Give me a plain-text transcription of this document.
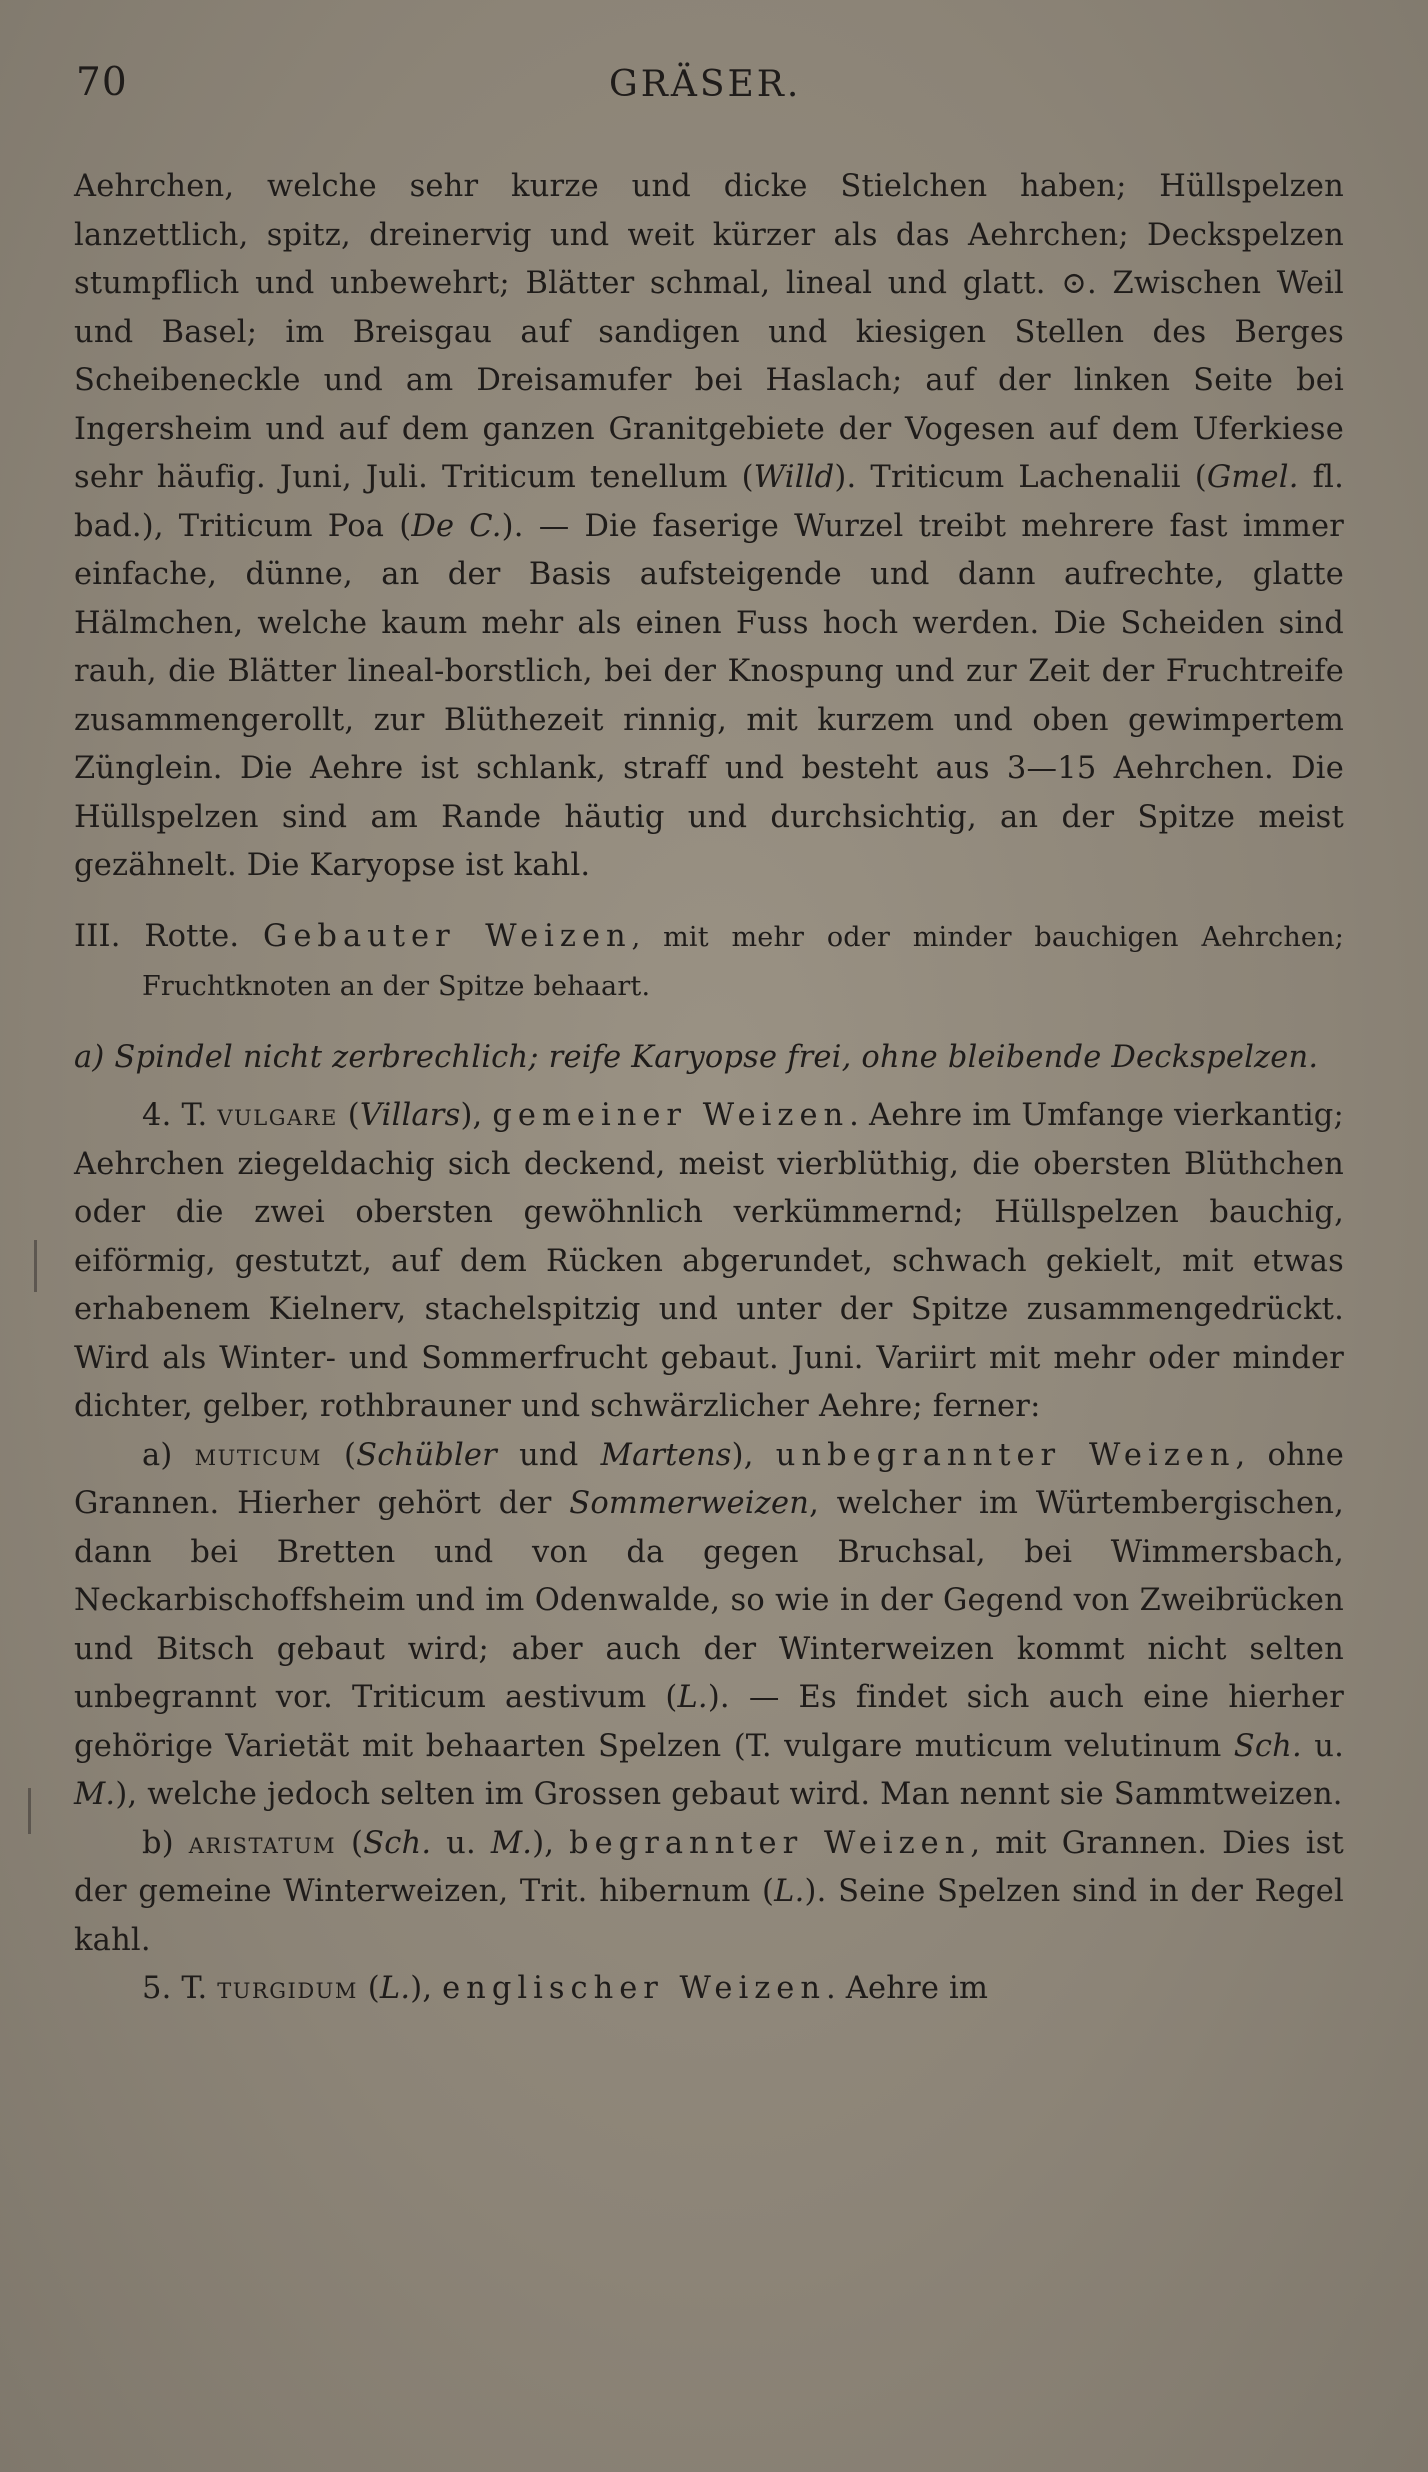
70	GRÄSER.

Aehrchen, welche sehr kurze und dicke Stielchen haben; Hüllspelzen lanzettlich, spitz, dreinervig und weit kürzer als das Aehrchen; Deckspelzen stumpflich und unbewehrt; Blätter schmal, lineal und glatt. ⊙. Zwischen Weil und Basel; im Breisgau auf sandigen und kiesigen Stellen des Berges Scheibeneckle und am Dreisamufer bei Haslach; auf der linken Seite bei Ingersheim und auf dem ganzen Granitgebiete der Vogesen auf dem Uferkiese sehr häufig. Juni, Juli. Triticum tenellum (Willd). Triticum Lachenalii (Gmel. fl. bad.), Triticum Poa (De C.). — Die faserige Wurzel treibt mehrere fast immer einfache, dünne, an der Basis aufsteigende und dann aufrechte, glatte Hälmchen, welche kaum mehr als einen Fuss hoch werden. Die Scheiden sind rauh, die Blätter lineal-borstlich, bei der Knospung und zur Zeit der Fruchtreife zusammengerollt, zur Blüthezeit rinnig, mit kurzem und oben gewimpertem Zünglein. Die Aehre ist schlank, straff und besteht aus 3—15 Aehrchen. Die Hüllspelzen sind am Rande häutig und durchsichtig, an der Spitze meist gezähnelt. Die Karyopse ist kahl.

III. Rotte. Gebauter Weizen, mit mehr oder minder bauchigen Aehrchen; Fruchtknoten an der Spitze behaart.

a) Spindel nicht zerbrechlich; reife Karyopse frei, ohne bleibende Deckspelzen.

4. T. vulgare (Villars), gemeiner Weizen. Aehre im Umfange vierkantig; Aehrchen ziegeldachig sich deckend, meist vierblüthig, die obersten Blüthchen oder die zwei obersten gewöhnlich verkümmernd; Hüllspelzen bauchig, eiförmig, gestutzt, auf dem Rücken abgerundet, schwach gekielt, mit etwas erhabenem Kielnerv, stachelspitzig und unter der Spitze zusammengedrückt. Wird als Winter- und Sommerfrucht gebaut. Juni. Variirt mit mehr oder minder dichter, gelber, rothbrauner und schwärzlicher Aehre; ferner:

a) muticum (Schübler und Martens), unbegrannter Weizen, ohne Grannen. Hierher gehört der Sommerweizen, welcher im Würtembergischen, dann bei Bretten und von da gegen Bruchsal, bei Wimmersbach, Neckarbischoffsheim und im Odenwalde, so wie in der Gegend von Zweibrücken und Bitsch gebaut wird; aber auch der Winterweizen kommt nicht selten unbegrannt vor. Triticum aestivum (L.). — Es findet sich auch eine hierher gehörige Varietät mit behaarten Spelzen (T. vulgare muticum velutinum Sch. u. M.), welche jedoch selten im Grossen gebaut wird. Man nennt sie Sammtweizen.

b) aristatum (Sch. u. M.), begrannter Weizen, mit Grannen. Dies ist der gemeine Winterweizen, Trit. hibernum (L.). Seine Spelzen sind in der Regel kahl.

5. T. turgidum (L.), englischer Weizen. Aehre im
